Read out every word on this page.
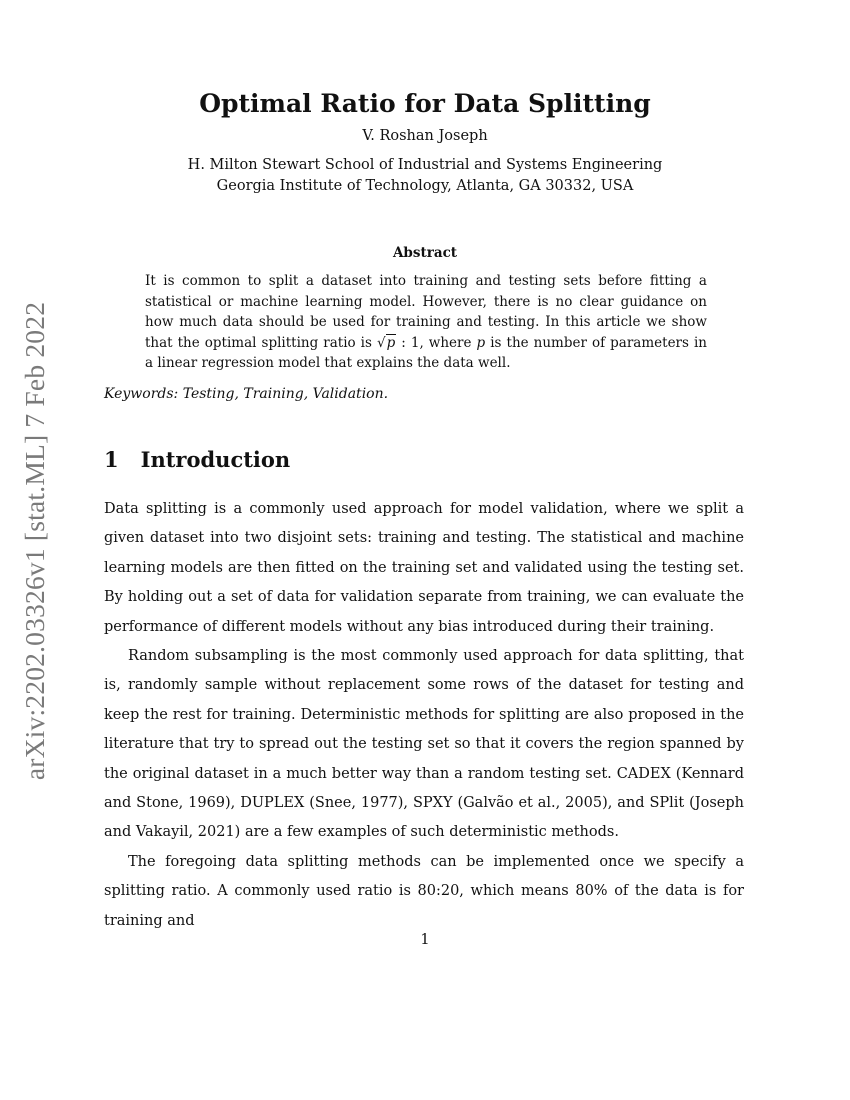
arXiv:2202.03326v1 [stat.ML] 7 Feb 2022
Optimal Ratio for Data Splitting
V. Roshan Joseph
H. Milton Stewart School of Industrial and Systems Engineering
Georgia Institute of Technology, Atlanta, GA 30332, USA
Abstract

It is common to split a dataset into training and testing sets before fitting a statistical or machine learning model. However, there is no clear guidance on how much data should be used for training and testing. In this article we show that the optimal splitting ratio is √p : 1, where p is the number of parameters in a linear regression model that explains the data well.

Keywords: Testing, Training, Validation.
1 Introduction

Data splitting is a commonly used approach for model validation, where we split a given dataset into two disjoint sets: training and testing. The statistical and machine learning models are then fitted on the training set and validated using the testing set. By holding out a set of data for validation separate from training, we can evaluate the performance of different models without any bias introduced during their training.

Random subsampling is the most commonly used approach for data splitting, that is, randomly sample without replacement some rows of the dataset for testing and keep the rest for training. Deterministic methods for splitting are also proposed in the literature that try to spread out the testing set so that it covers the region spanned by the original dataset in a much better way than a random testing set. CADEX (Kennard and Stone, 1969), DUPLEX (Snee, 1977), SPXY (Galvão et al., 2005), and SPlit (Joseph and Vakayil, 2021) are a few examples of such deterministic methods.

The foregoing data splitting methods can be implemented once we specify a splitting ratio. A commonly used ratio is 80:20, which means 80% of the data is for training and

1
